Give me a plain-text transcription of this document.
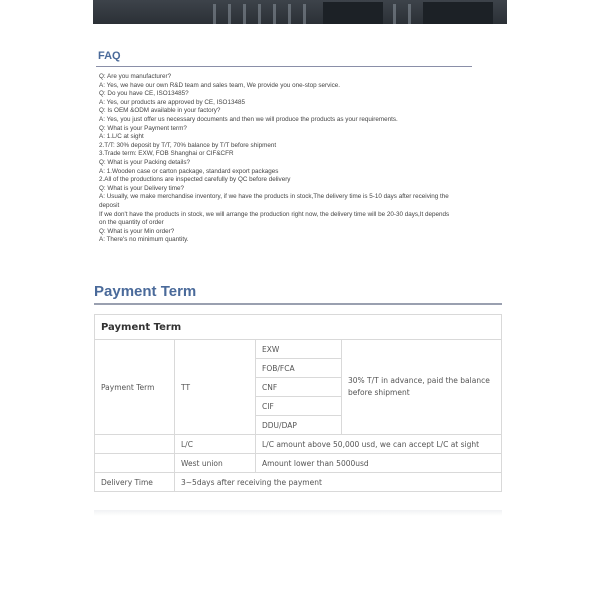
FAQ
Q: Are you manufacturer?
A: Yes, we have our own R&D team and sales team, We provide you one-stop service.
Q: Do you have CE, ISO13485?
A: Yes, our products are approved by CE, ISO13485
Q: Is OEM &ODM available in your factory?
A: Yes, you just offer us necessary documents and then we will produce the products as your requirements.
Q: What is your Payment term?
A: 1.L/C at sight
2.T/T: 30% deposit by T/T, 70% balance by T/T before shipment
3.Trade term: EXW, FOB Shanghai or CIF&CFR
Q: What is your Packing details?
A: 1.Wooden case or carton package, standard export packages
2.All of the productions are inspected carefully by QC before delivery
Q: What is your Delivery time?
A: Usually, we make merchandise inventory, if we have the products in stock,The delivery time is 5-10 days after receiving the
deposit
If we don't have the products in stock, we will arrange the production right now, the delivery time will be 20-30 days,It depends
on the quantity of order
Q: What is your Min order?
A: There's no minimum quantity.
Payment Term
Payment Term			
Payment Term	TT	EXW	30% T/T in advance, paid the balance before shipment
		FOB/FCA	
		CNF	
		CIF	
		DDU/DAP	
	L/C	L/C amount above 50,000 usd, we can accept L/C at sight	
	West union	Amount lower than 5000usd	
Delivery Time	3~5days after receiving the payment		
